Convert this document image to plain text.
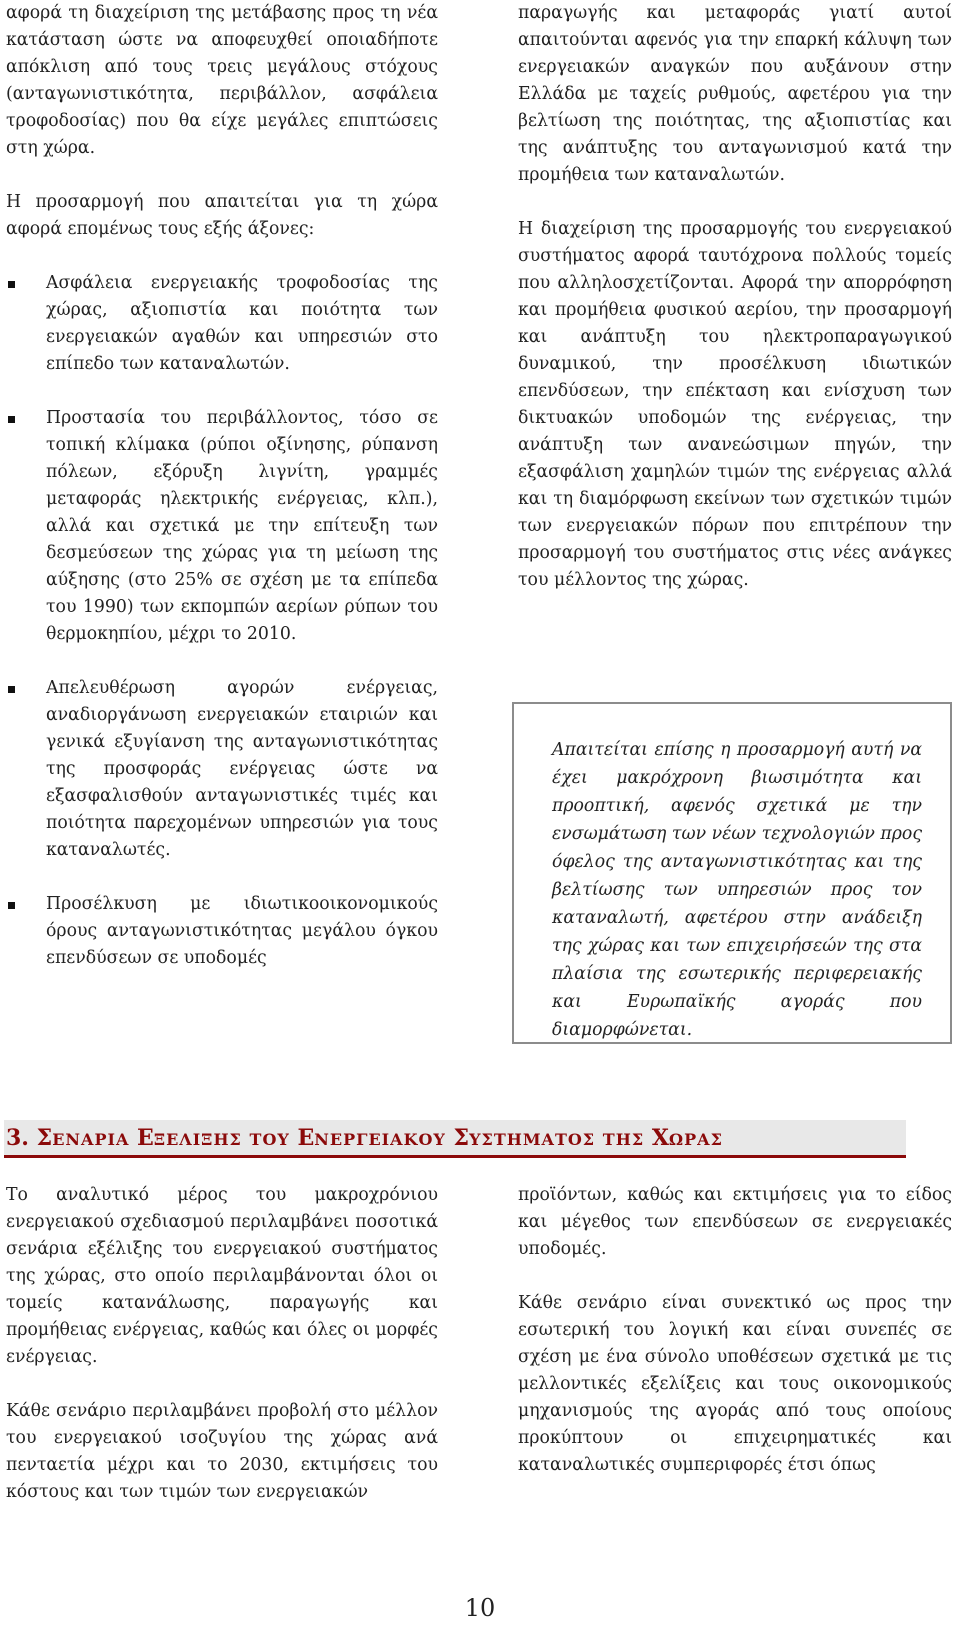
αφορά τη διαχείριση της μετάβασης προς τη νέα κατάσταση ώστε να αποφευχθεί οποιαδήποτε απόκλιση από τους τρεις μεγάλους στόχους (ανταγωνιστικότητα, περιβάλλον, ασφάλεια τροφοδοσίας) που θα είχε μεγάλες επιπτώσεις στη χώρα.

Η προσαρμογή που απαιτείται για τη χώρα αφορά επομένως τους εξής άξονες:

Ασφάλεια ενεργειακής τροφοδοσίας της χώρας, αξιοπιστία και ποιότητα των ενεργειακών αγαθών και υπηρεσιών στο επίπεδο των καταναλωτών.

Προστασία του περιβάλλοντος, τόσο σε τοπική κλίμακα (ρύποι οξίνησης, ρύπανση πόλεων, εξόρυξη λιγνίτη, γραμμές μεταφοράς ηλεκτρικής ενέργειας, κλπ.), αλλά και σχετικά με την επίτευξη των δεσμεύσεων της χώρας για τη μείωση της αύξησης (στο 25% σε σχέση με τα επίπεδα του 1990) των εκπομπών αερίων ρύπων του θερμοκηπίου, μέχρι το 2010.

Απελευθέρωση αγορών ενέργειας, αναδιοργάνωση ενεργειακών εταιριών και γενικά εξυγίανση της ανταγωνιστικότητας της προσφοράς ενέργειας ώστε να εξασφαλισθούν ανταγωνιστικές τιμές και ποιότητα παρεχομένων υπηρεσιών για τους καταναλωτές.

Προσέλκυση με ιδιωτικοοικονομικούς όρους ανταγωνιστικότητας μεγάλου όγκου επενδύσεων σε υποδομές

παραγωγής και μεταφοράς γιατί αυτοί απαιτούνται αφενός για την επαρκή κάλυψη των ενεργειακών αναγκών που αυξάνουν στην Ελλάδα με ταχείς ρυθμούς, αφετέρου για την βελτίωση της ποιότητας, της αξιοπιστίας και της ανάπτυξης του ανταγωνισμού κατά την προμήθεια των καταναλωτών.

Η διαχείριση της προσαρμογής του ενεργειακού συστήματος αφορά ταυτόχρονα πολλούς τομείς που αλληλοσχετίζονται. Αφορά την απορρόφηση και προμήθεια φυσικού αερίου, την προσαρμογή και ανάπτυξη του ηλεκτροπαραγωγικού δυναμικού, την προσέλκυση ιδιωτικών επενδύσεων, την επέκταση και ενίσχυση των δικτυακών υποδομών της ενέργειας, την ανάπτυξη των ανανεώσιμων πηγών, την εξασφάλιση χαμηλών τιμών της ενέργειας αλλά και τη διαμόρφωση εκείνων των σχετικών τιμών των ενεργειακών πόρων που επιτρέπουν την προσαρμογή του συστήματος στις νέες ανάγκες του μέλλοντος της χώρας.

Απαιτείται επίσης η προσαρμογή αυτή να έχει μακρόχρονη βιωσιμότητα και προοπτική, αφενός σχετικά με την ενσωμάτωση των νέων τεχνολογιών προς όφελος της ανταγωνιστικότητας και της βελτίωσης των υπηρεσιών προς τον καταναλωτή, αφετέρου στην ανάδειξη της χώρας και των επιχειρήσεών της στα πλαίσια της εσωτερικής περιφερειακής και Ευρωπαϊκής αγοράς που διαμορφώνεται.

3. ΣΕΝΑΡΙΑ ΕΞΕΛΙΞΗΣ ΤΟΥ ΕΝΕΡΓΕΙΑΚΟΥ ΣΥΣΤΗΜΑΤΟΣ ΤΗΣ ΧΩΡΑΣ

Το αναλυτικό μέρος του μακροχρόνιου ενεργειακού σχεδιασμού περιλαμβάνει ποσοτικά σενάρια εξέλιξης του ενεργειακού συστήματος της χώρας, στο οποίο περιλαμβάνονται όλοι οι τομείς κατανάλωσης, παραγωγής και προμήθειας ενέργειας, καθώς και όλες οι μορφές ενέργειας.

Κάθε σενάριο περιλαμβάνει προβολή στο μέλλον του ενεργειακού ισοζυγίου της χώρας ανά πενταετία μέχρι και το 2030, εκτιμήσεις του κόστους και των τιμών των ενεργειακών

προϊόντων, καθώς και εκτιμήσεις για το είδος και μέγεθος των επενδύσεων σε ενεργειακές υποδομές.

Κάθε σενάριο είναι συνεκτικό ως προς την εσωτερική του λογική και είναι συνεπές σε σχέση με ένα σύνολο υποθέσεων σχετικά με τις μελλοντικές εξελίξεις και τους οικονομικούς μηχανισμούς της αγοράς από τους οποίους προκύπτουν οι επιχειρηματικές και καταναλωτικές συμπεριφορές έτσι όπως

10
